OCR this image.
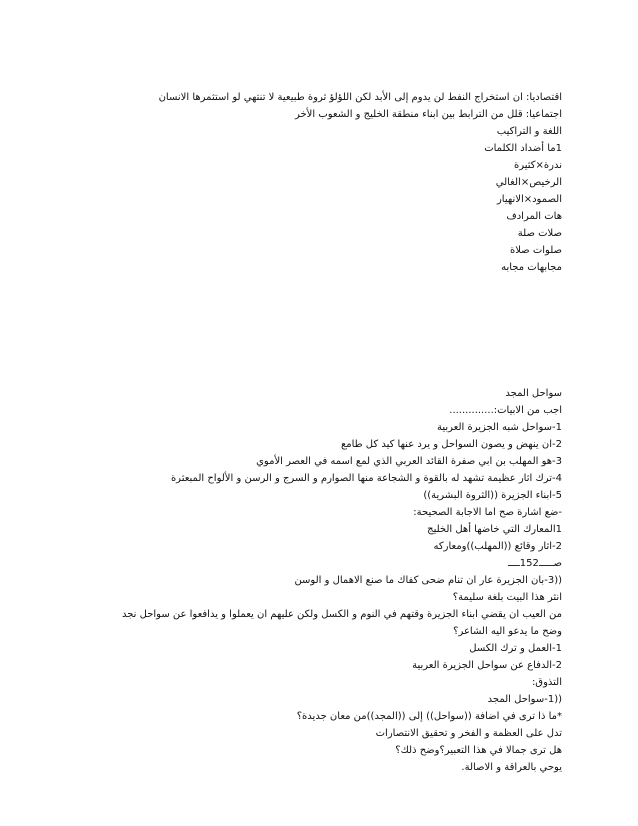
اقتصاديا: ان استخراج النفط لن يدوم إلى الأبد لكن اللؤلؤ ثروة طبيعية لا تنتهي لو استثمرها الانسان
اجتماعيا: قلل من الترابط بين ابناء منطقة الخليج و الشعوب الأخر
اللغة و التراكيب
1ما أضداد الكلمات
ندرة×كثيرة
الرخيص×الغالي
الصمود×الانهيار
هات المرادف
صلات صلة
صلوات صلاة
مجابهات مجابه
سواحل المجد
اجب من الابيات:..............
1-سواحل شبه الجزيرة العربية
2-ان ينهض و يصون السواحل و يرد عنها كيد كل طامع
3-هو المهلب بن ابي صفرة القائد العربي الذي لمع اسمه في العصر الأموي
4-ترك اثار عظيمة تشهد له بالقوة و الشجاعة منها الصوارم و السرج و الرسن و الألواح المبعثرة
5-ابناء الجزيرة ((الثروة البشرية))
-ضع اشارة صح اما الاجابة الصحيحة:
1المعارك التي خاضها أهل الخليج
2-اثار وقائع ((المهلب))ومعاركه
صـــــ152ــــ
((3-بان الجزيرة عار ان تنام ضحى كفاك ما صنع الاهمال و الوسن
انثر هذا البيت بلغة سليمة؟
من العيب ان يقضي ابناء الجزيرة وقتهم في النوم و الكسل ولكن عليهم ان يعملوا و يدافعوا عن سواحل نجد
وضح ما يدعو اليه الشاعر؟
1-العمل و ترك الكسل
2-الدفاع عن سواحل الجزيرة العربية
التذوق:
((1-سواحل المجد
*ما ذا ترى في اضافة ((سواحل)) إلى ((المجد))من معان جديدة؟
تدل على العظمة و الفخر و تحقيق الانتصارات
هل ترى جمالا في هذا التعبير؟وضح ذلك؟
يوحي بالعراقة و الاصالة.
